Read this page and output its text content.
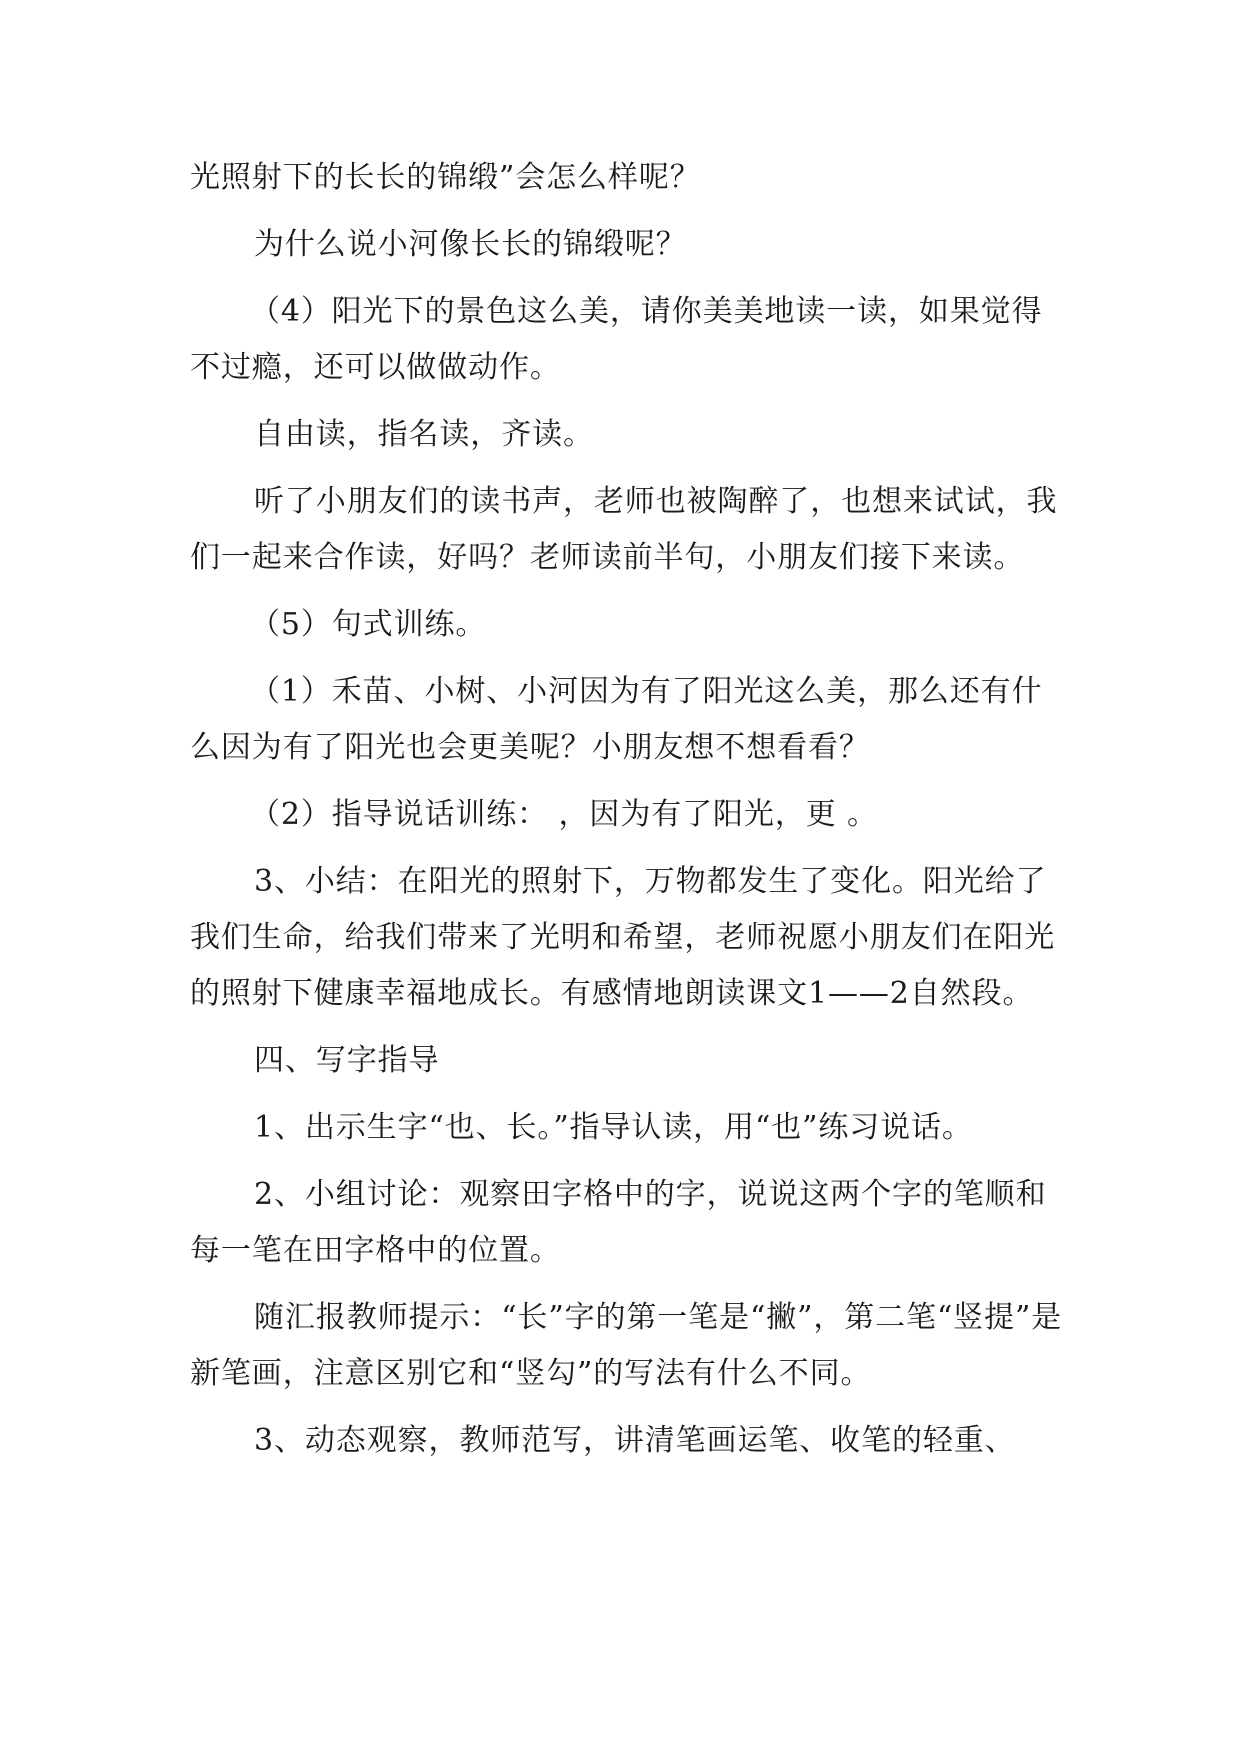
光照射下的长长的锦缎”会怎么样呢？

为什么说小河像长长的锦缎呢？

（4）阳光下的景色这么美，请你美美地读一读，如果觉得不过瘾，还可以做做动作。

自由读，指名读，齐读。

听了小朋友们的读书声，老师也被陶醉了，也想来试试，我们一起来合作读，好吗？老师读前半句，小朋友们接下来读。

（5）句式训练。

（1）禾苗、小树、小河因为有了阳光这么美，那么还有什么因为有了阳光也会更美呢？小朋友想不想看看？

（2）指导说话训练： ，因为有了阳光，更 。

3、小结：在阳光的照射下，万物都发生了变化。阳光给了我们生命，给我们带来了光明和希望，老师祝愿小朋友们在阳光的照射下健康幸福地成长。有感情地朗读课文1——2自然段。

四、写字指导

1、出示生字“也、长。”指导认读，用“也”练习说话。

2、小组讨论：观察田字格中的字，说说这两个字的笔顺和每一笔在田字格中的位置。

随汇报教师提示：“长”字的第一笔是“撇”，第二笔“竖提”是新笔画，注意区别它和“竖勾”的写法有什么不同。

3、动态观察，教师范写，讲清笔画运笔、收笔的轻重、
